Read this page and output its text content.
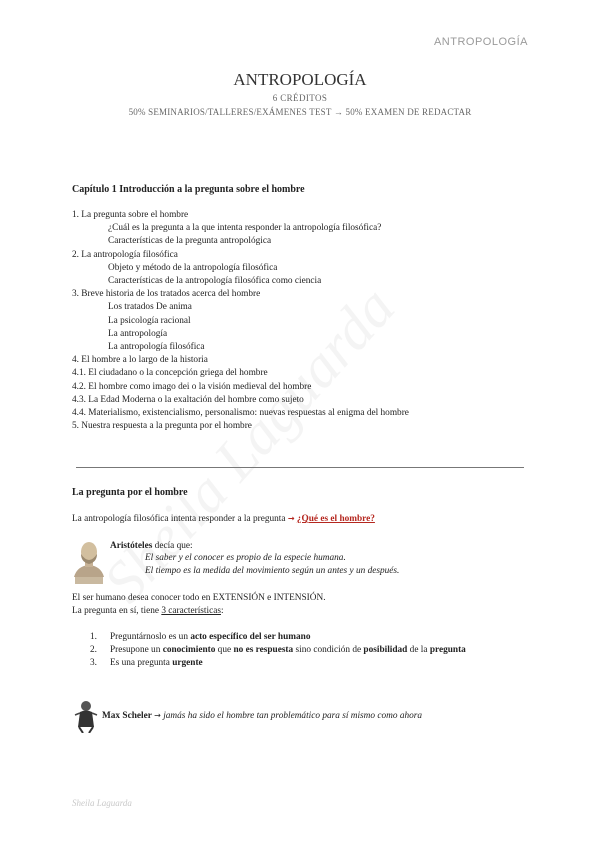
ANTROPOLOGÍA
ANTROPOLOGÍA
6 CRÉDITOS
50% SEMINARIOS/TALLERES/EXÁMENES TEST → 50% EXAMEN DE REDACTAR
Capítulo 1 Introducción a la pregunta sobre el hombre
1. La pregunta sobre el hombre
¿Cuál es la pregunta a la que intenta responder la antropología filosófica?
Características de la pregunta antropológica
2. La antropología filosófica
Objeto y método de la antropología filosófica
Características de la antropología filosófica como ciencia
3. Breve historia de los tratados acerca del hombre
Los tratados De anima
La psicología racional
La antropología
La antropología filosófica
4. El hombre a lo largo de la historia
4.1. El ciudadano o la concepción griega del hombre
4.2. El hombre como imago dei o la visión medieval del hombre
4.3. La Edad Moderna o la exaltación del hombre como sujeto
4.4. Materialismo, existencialismo, personalismo: nuevas respuestas al enigma del hombre
5. Nuestra respuesta a la pregunta por el hombre
La pregunta por el hombre
La antropología filosófica intenta responder a la pregunta → ¿Qué es el hombre?
Aristóteles decía que:
El saber y el conocer es propio de la especie humana.
El tiempo es la medida del movimiento según un antes y un después.
El ser humano desea conocer todo en EXTENSIÓN e INTENSIÓN.
La pregunta en sí, tiene 3 características:
1.	Preguntárnoslo es un acto específico del ser humano
2.	Presupone un conocimiento que no es respuesta sino condición de posibilidad de la pregunta
3.	Es una pregunta urgente
Max Scheler → jamás ha sido el hombre tan problemático para sí mismo como ahora
Sheila Laguarda
